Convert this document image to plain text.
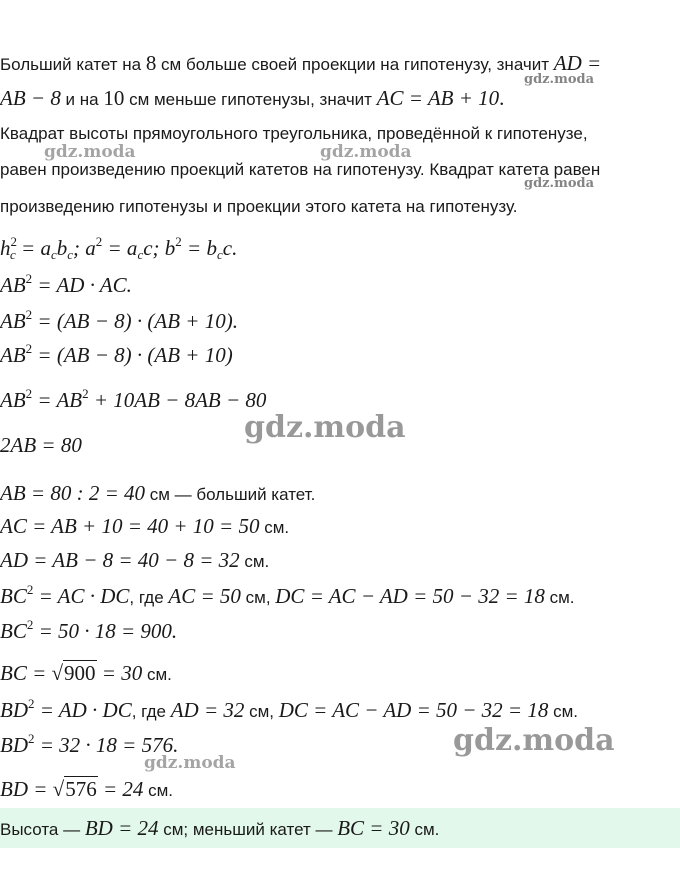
Больший катет на 8 см больше своей проекции на гипотенузу, значит AD =
AB − 8 и на 10 см меньше гипотенузы, значит AC = AB + 10.
Квадрат высоты прямоугольного треугольника, проведённой к гипотенузе,
равен произведению проекций катетов на гипотенузу. Квадрат катета равен
произведению гипотенузы и проекции этого катета на гипотенузу.
$h^2_c = a_cb_c$; $a^2 = a_cc$; $b^2 = b_cc$.
$AB^2$ = AD · AC.
$AB^2 = (AB - 8) \cdot (AB + 10)$.
$AB^2 = (AB - 8) \cdot (AB + 10)$
$AB^2 = AB^2 + 10AB - 8AB - 80$
2AB = 80
AB = 80 : 2 = 40 см — больший катет.
AC = AB + 10 = 40 + 10 = 50 см.
AD = AB − 8 = 40 − 8 = 32 см.
$BC^2$ = AC · DC, где AC = 50 см, DC = AC − AD = 50 − 32 = 18 см.
$BC^2 = 50 \cdot 18 = 900$.
BC = √900 = 30 см.
$BD^2$ = AD · DC, где AD = 32 см, DC = AC − AD = 50 − 32 = 18 см.
$BD^2 = 32 \cdot 18 = 576$.
BD = √576 = 24 см.
Высота — BD = 24 см; меньший катет — BC = 30 см.
gdz.moda
gdz.moda	gdz.moda
gdz.moda
gdz.moda
gdz.moda
gdz.moda
